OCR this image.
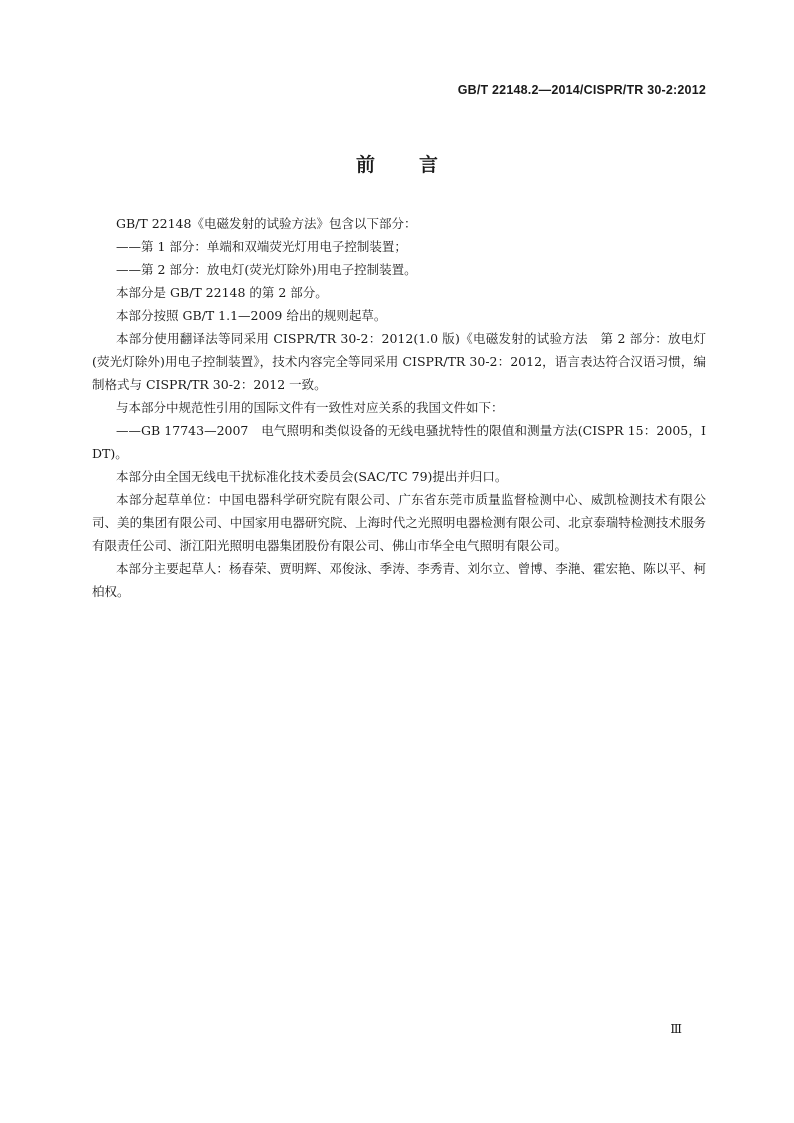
GB/T 22148.2—2014/CISPR/TR 30-2:2012
前言

GB/T 22148《电磁发射的试验方法》包含以下部分：

——第 1 部分：单端和双端荧光灯用电子控制装置；

——第 2 部分：放电灯(荧光灯除外)用电子控制装置。

本部分是 GB/T 22148 的第 2 部分。

本部分按照 GB/T 1.1—2009 给出的规则起草。

本部分使用翻译法等同采用 CISPR/TR 30-2：2012(1.0 版)《电磁发射的试验方法　第 2 部分：放电灯(荧光灯除外)用电子控制装置》，技术内容完全等同采用 CISPR/TR 30-2：2012，语言表达符合汉语习惯，编制格式与 CISPR/TR 30-2：2012 一致。

与本部分中规范性引用的国际文件有一致性对应关系的我国文件如下：

——GB 17743—2007　电气照明和类似设备的无线电骚扰特性的限值和测量方法(CISPR 15：2005，IDT)。

本部分由全国无线电干扰标准化技术委员会(SAC/TC 79)提出并归口。

本部分起草单位：中国电器科学研究院有限公司、广东省东莞市质量监督检测中心、威凯检测技术有限公司、美的集团有限公司、中国家用电器研究院、上海时代之光照明电器检测有限公司、北京泰瑞特检测技术服务有限责任公司、浙江阳光照明电器集团股份有限公司、佛山市华全电气照明有限公司。

本部分主要起草人：杨春荣、贾明辉、邓俊泳、季涛、李秀青、刘尔立、曾博、李滟、霍宏艳、陈以平、柯柏权。

Ⅲ
